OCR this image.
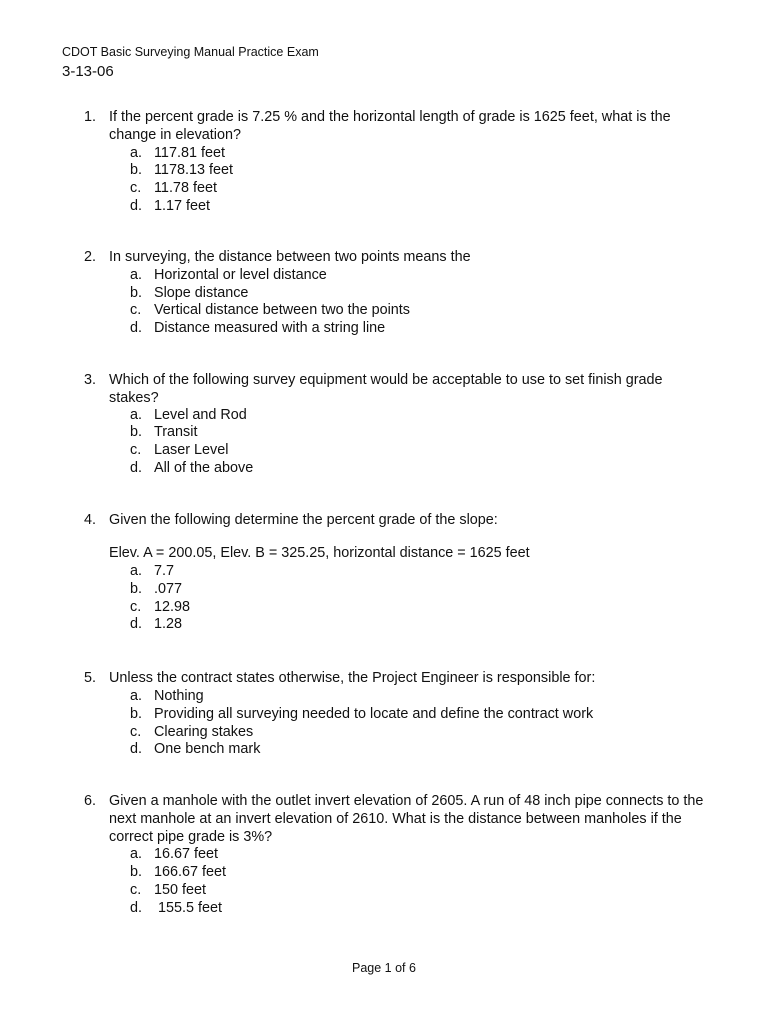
CDOT Basic Surveying Manual Practice Exam
3-13-06
1. If the percent grade is 7.25 % and the horizontal length of grade is 1625 feet, what is the change in elevation?
a. 117.81 feet
b. 1178.13 feet
c. 11.78 feet
d. 1.17 feet
2. In surveying, the distance between two points means the
a. Horizontal or level distance
b. Slope distance
c. Vertical distance between two the points
d. Distance measured with a string line
3. Which of the following survey equipment would be acceptable to use to set finish grade stakes?
a. Level and Rod
b. Transit
c. Laser Level
d. All of the above
4. Given the following determine the percent grade of the slope:
Elev. A = 200.05, Elev. B = 325.25, horizontal distance = 1625 feet
a. 7.7
b. .077
c. 12.98
d. 1.28
5. Unless the contract states otherwise, the Project Engineer is responsible for:
a. Nothing
b. Providing all surveying needed to locate and define the contract work
c. Clearing stakes
d. One bench mark
6. Given a manhole with the outlet invert elevation of 2605. A run of 48 inch pipe connects to the next manhole at an invert elevation of 2610. What is the distance between manholes if the correct pipe grade is 3%?
a. 16.67 feet
b. 166.67 feet
c. 150 feet
d. 155.5 feet
Page 1 of 6
